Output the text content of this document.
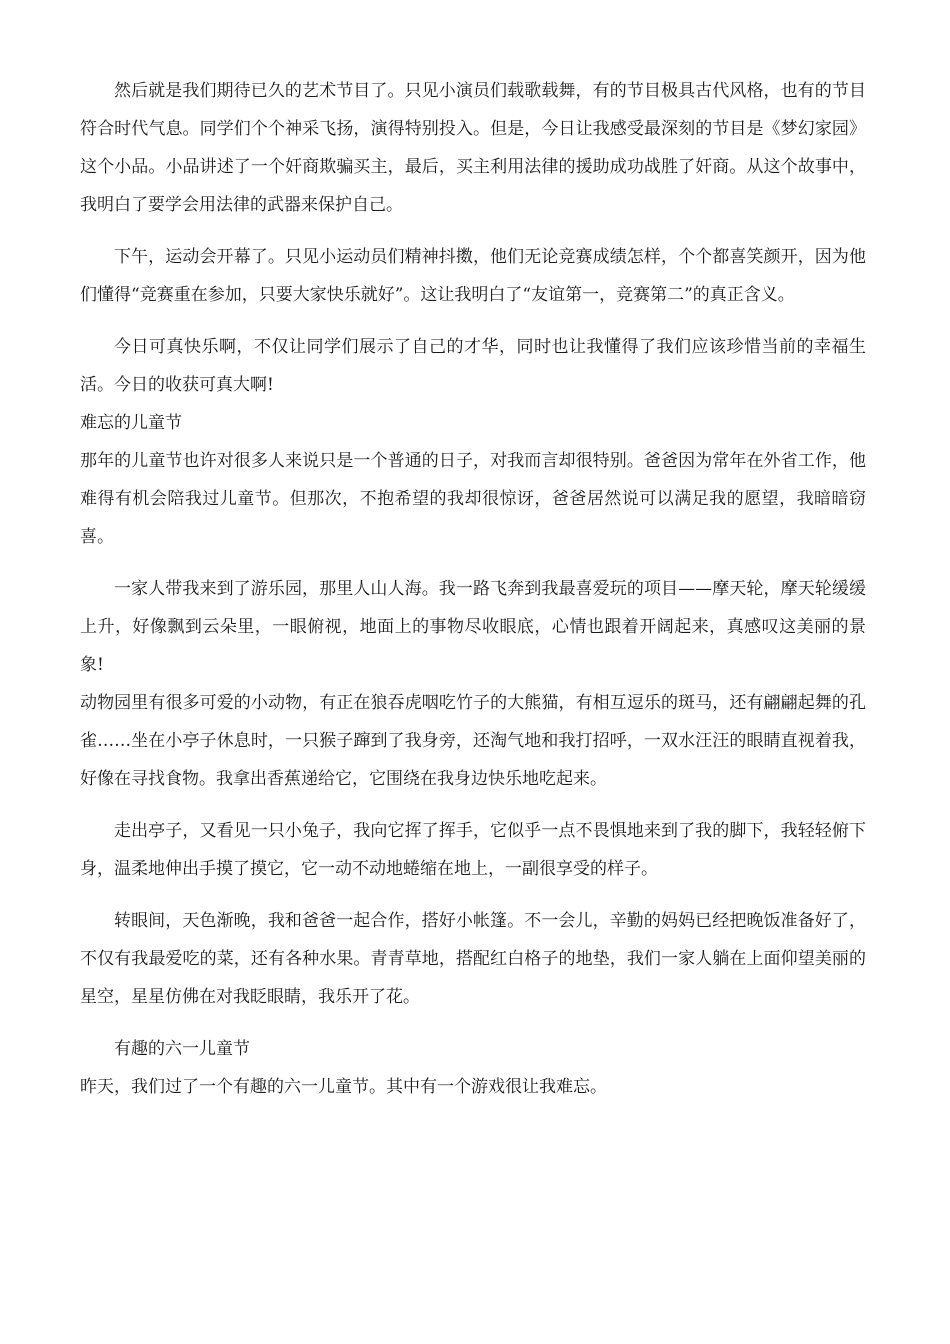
然后就是我们期待已久的艺术节目了。只见小演员们载歌载舞，有的节目极具古代风格，也有的节目符合时代气息。同学们个个神采飞扬，演得特别投入。但是，今日让我感受最深刻的节目是《梦幻家园》这个小品。小品讲述了一个奸商欺骗买主，最后，买主利用法律的援助成功战胜了奸商。从这个故事中，我明白了要学会用法律的武器来保护自己。

下午，运动会开幕了。只见小运动员们精神抖擞，他们无论竞赛成绩怎样，个个都喜笑颜开，因为他们懂得“竞赛重在参加，只要大家快乐就好”。这让我明白了“友谊第一，竞赛第二”的真正含义。

今日可真快乐啊，不仅让同学们展示了自己的才华，同时也让我懂得了我们应该珍惜当前的幸福生活。今日的收获可真大啊!

难忘的儿童节

那年的儿童节也许对很多人来说只是一个普通的日子，对我而言却很特别。爸爸因为常年在外省工作，他难得有机会陪我过儿童节。但那次，不抱希望的我却很惊讶，爸爸居然说可以满足我的愿望，我暗暗窃喜。

一家人带我来到了游乐园，那里人山人海。我一路飞奔到我最喜爱玩的项目——摩天轮，摩天轮缓缓上升，好像飘到云朵里，一眼俯视，地面上的事物尽收眼底，心情也跟着开阔起来，真感叹这美丽的景象!

动物园里有很多可爱的小动物，有正在狼吞虎咽吃竹子的大熊猫，有相互逗乐的斑马，还有翩翩起舞的孔雀……坐在小亭子休息时，一只猴子蹿到了我身旁，还淘气地和我打招呼，一双水汪汪的眼睛直视着我，好像在寻找食物。我拿出香蕉递给它，它围绕在我身边快乐地吃起来。

走出亭子，又看见一只小兔子，我向它挥了挥手，它似乎一点不畏惧地来到了我的脚下，我轻轻俯下身，温柔地伸出手摸了摸它，它一动不动地蜷缩在地上，一副很享受的样子。

转眼间，天色渐晚，我和爸爸一起合作，搭好小帐篷。不一会儿，辛勤的妈妈已经把晚饭准备好了，不仅有我最爱吃的菜，还有各种水果。青青草地，搭配红白格子的地垫，我们一家人躺在上面仰望美丽的星空，星星仿佛在对我眨眼睛，我乐开了花。

有趣的六一儿童节

昨天，我们过了一个有趣的六一儿童节。其中有一个游戏很让我难忘。
